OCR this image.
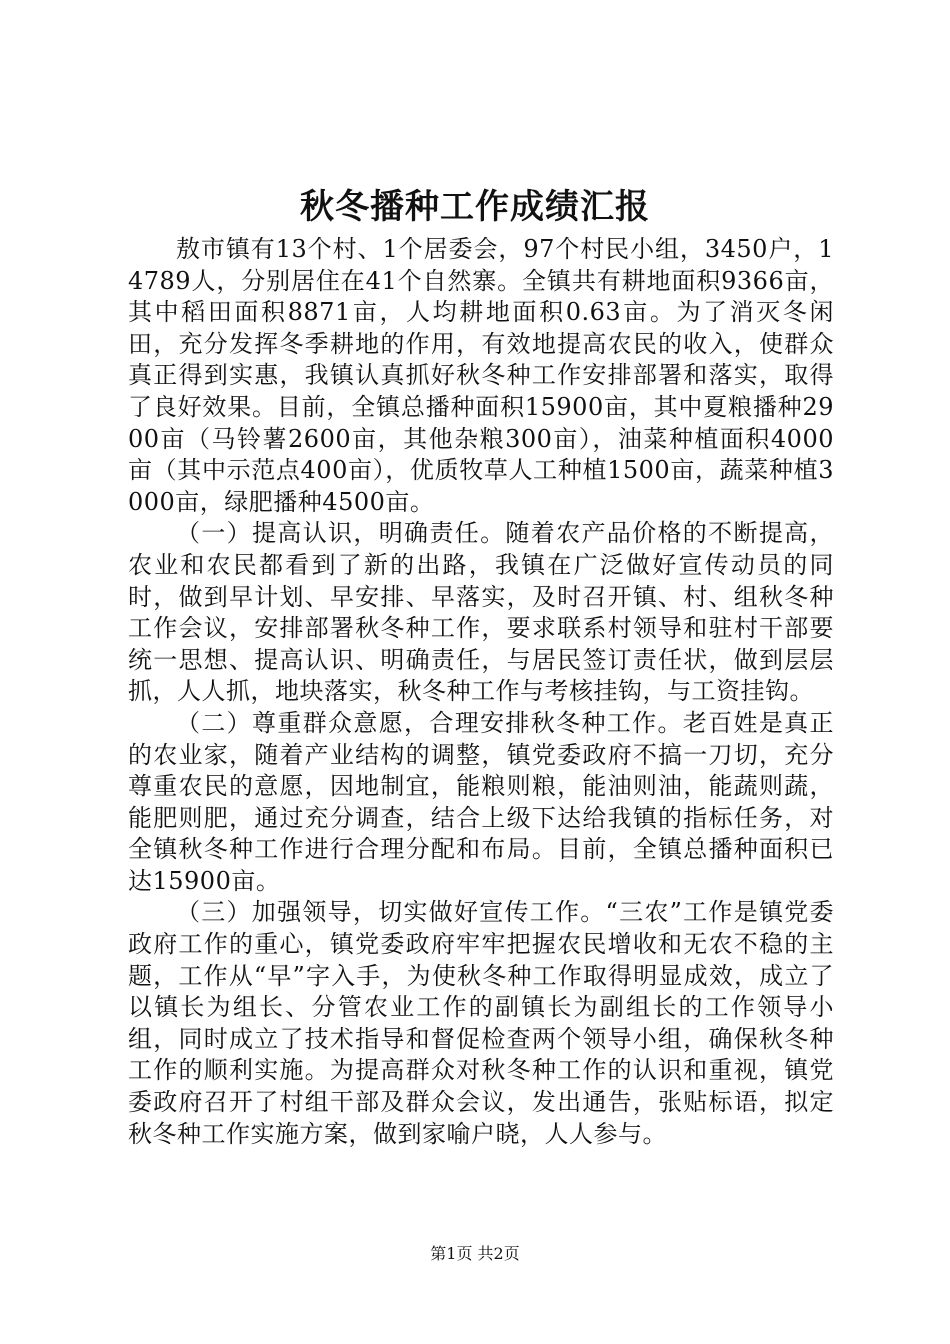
秋冬播种工作成绩汇报

敖市镇有13个村、1个居委会，97个村民小组，3450户，14789人，分别居住在41个自然寨。全镇共有耕地面积9366亩，其中稻田面积8871亩，人均耕地面积0.63亩。为了消灭冬闲田，充分发挥冬季耕地的作用，有效地提高农民的收入，使群众真正得到实惠，我镇认真抓好秋冬种工作安排部署和落实，取得了良好效果。目前，全镇总播种面积15900亩，其中夏粮播种2900亩（马铃薯2600亩，其他杂粮300亩），油菜种植面积4000亩（其中示范点400亩），优质牧草人工种植1500亩，蔬菜种植3000亩，绿肥播种4500亩。

（一）提高认识，明确责任。随着农产品价格的不断提高，农业和农民都看到了新的出路，我镇在广泛做好宣传动员的同时，做到早计划、早安排、早落实，及时召开镇、村、组秋冬种工作会议，安排部署秋冬种工作，要求联系村领导和驻村干部要统一思想、提高认识、明确责任，与居民签订责任状，做到层层抓，人人抓，地块落实，秋冬种工作与考核挂钩，与工资挂钩。

（二）尊重群众意愿，合理安排秋冬种工作。老百姓是真正的农业家，随着产业结构的调整，镇党委政府不搞一刀切，充分尊重农民的意愿，因地制宜，能粮则粮，能油则油，能蔬则蔬，能肥则肥，通过充分调查，结合上级下达给我镇的指标任务，对全镇秋冬种工作进行合理分配和布局。目前，全镇总播种面积已达15900亩。

（三）加强领导，切实做好宣传工作。“三农”工作是镇党委政府工作的重心，镇党委政府牢牢把握农民增收和无农不稳的主题，工作从“早”字入手，为使秋冬种工作取得明显成效，成立了以镇长为组长、分管农业工作的副镇长为副组长的工作领导小组，同时成立了技术指导和督促检查两个领导小组，确保秋冬种工作的顺利实施。为提高群众对秋冬种工作的认识和重视，镇党委政府召开了村组干部及群众会议，发出通告，张贴标语，拟定秋冬种工作实施方案，做到家喻户晓，人人参与。

第1页 共2页
